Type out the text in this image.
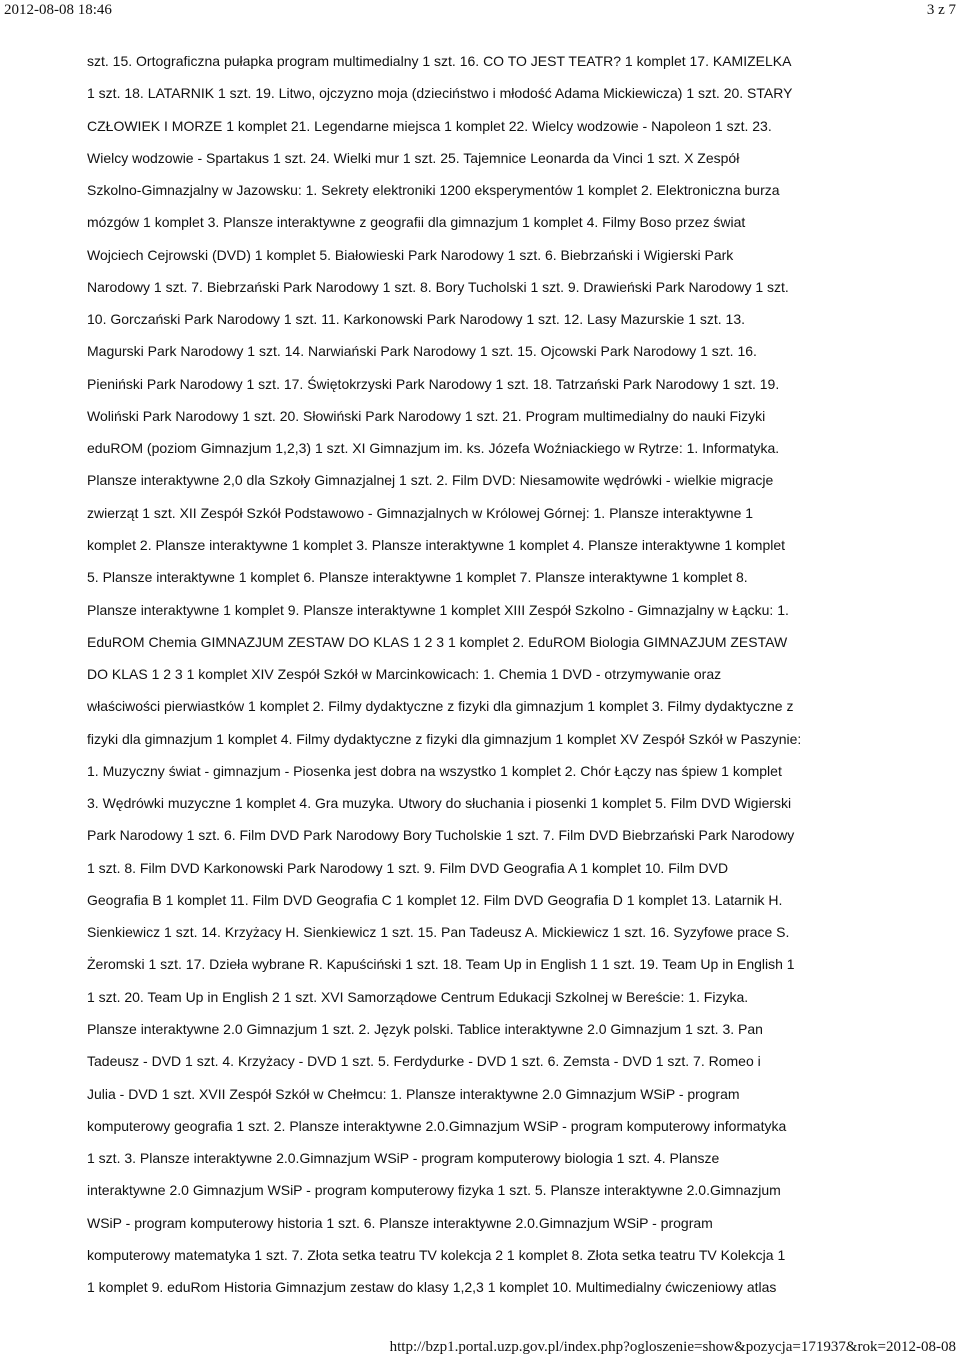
2012-08-08 18:46	3 z 7
szt. 15. Ortograficzna pułapka program multimedialny 1 szt. 16. CO TO JEST TEATR? 1 komplet 17. KAMIZELKA
1 szt. 18. LATARNIK 1 szt. 19. Litwo, ojczyzno moja (dzieciństwo i młodość Adama Mickiewicza) 1 szt. 20. STARY
CZŁOWIEK I MORZE 1 komplet 21. Legendarne miejsca 1 komplet 22. Wielcy wodzowie - Napoleon 1 szt. 23.
Wielcy wodzowie - Spartakus 1 szt. 24. Wielki mur 1 szt. 25. Tajemnice Leonarda da Vinci 1 szt. X Zespół
Szkolno-Gimnazjalny w Jazowsku: 1. Sekrety elektroniki 1200 eksperymentów 1 komplet 2. Elektroniczna burza
mózgów 1 komplet 3. Plansze interaktywne z geografii dla gimnazjum 1 komplet 4. Filmy Boso przez świat
Wojciech Cejrowski (DVD) 1 komplet 5. Białowieski Park Narodowy 1 szt. 6. Biebrzański i Wigierski Park
Narodowy 1 szt. 7. Biebrzański Park Narodowy 1 szt. 8. Bory Tucholski 1 szt. 9. Drawieński Park Narodowy 1 szt.
10. Gorczański Park Narodowy 1 szt. 11. Karkonowski Park Narodowy 1 szt. 12. Lasy Mazurskie 1 szt. 13.
Magurski Park Narodowy 1 szt. 14. Narwiański Park Narodowy 1 szt. 15. Ojcowski Park Narodowy 1 szt. 16.
Pieniński Park Narodowy 1 szt. 17. Świętokrzyski Park Narodowy 1 szt. 18. Tatrzański Park Narodowy 1 szt. 19.
Woliński Park Narodowy 1 szt. 20. Słowiński Park Narodowy 1 szt. 21. Program multimedialny do nauki Fizyki
eduROM (poziom Gimnazjum 1,2,3) 1 szt. XI Gimnazjum im. ks. Józefa Woźniackiego w Rytrze: 1. Informatyka.
Plansze interaktywne 2,0 dla Szkoły Gimnazjalnej 1 szt. 2. Film DVD: Niesamowite wędrówki - wielkie migracje
zwierząt 1 szt. XII Zespół Szkół Podstawowo - Gimnazjalnych w Królowej Górnej: 1. Plansze interaktywne 1
komplet 2. Plansze interaktywne 1 komplet 3. Plansze interaktywne 1 komplet 4. Plansze interaktywne 1 komplet
5. Plansze interaktywne 1 komplet 6. Plansze interaktywne 1 komplet 7. Plansze interaktywne 1 komplet 8.
Plansze interaktywne 1 komplet 9. Plansze interaktywne 1 komplet XIII Zespół Szkolno - Gimnazjalny w Łącku: 1.
EduROM Chemia GIMNAZJUM ZESTAW DO KLAS 1 2 3 1 komplet 2. EduROM Biologia GIMNAZJUM ZESTAW
DO KLAS 1 2 3 1 komplet XIV Zespół Szkół w Marcinkowicach: 1. Chemia 1 DVD - otrzymywanie oraz
właściwości pierwiastków 1 komplet 2. Filmy dydaktyczne z fizyki dla gimnazjum 1 komplet 3. Filmy dydaktyczne z
fizyki dla gimnazjum 1 komplet 4. Filmy dydaktyczne z fizyki dla gimnazjum 1 komplet XV Zespół Szkół w Paszynie:
1. Muzyczny świat - gimnazjum - Piosenka jest dobra na wszystko 1 komplet 2. Chór Łączy nas śpiew 1 komplet
3. Wędrówki muzyczne 1 komplet 4. Gra muzyka. Utwory do słuchania i piosenki 1 komplet 5. Film DVD Wigierski
Park Narodowy 1 szt. 6. Film DVD Park Narodowy Bory Tucholskie 1 szt. 7. Film DVD Biebrzański Park Narodowy
1 szt. 8. Film DVD Karkonowski Park Narodowy 1 szt. 9. Film DVD Geografia A 1 komplet 10. Film DVD
Geografia B 1 komplet 11. Film DVD Geografia C 1 komplet 12. Film DVD Geografia D 1 komplet 13. Latarnik H.
Sienkiewicz 1 szt. 14. Krzyżacy H. Sienkiewicz 1 szt. 15. Pan Tadeusz A. Mickiewicz 1 szt. 16. Syzyfowe prace S.
Żeromski 1 szt. 17. Dzieła wybrane R. Kapuściński 1 szt. 18. Team Up in English 1 1 szt. 19. Team Up in English 1
1 szt. 20. Team Up in English 2 1 szt. XVI Samorządowe Centrum Edukacji Szkolnej w Bereście: 1. Fizyka.
Plansze interaktywne 2.0 Gimnazjum 1 szt. 2. Język polski. Tablice interaktywne 2.0 Gimnazjum 1 szt. 3. Pan
Tadeusz - DVD 1 szt. 4. Krzyżacy - DVD 1 szt. 5. Ferdydurke - DVD 1 szt. 6. Zemsta - DVD 1 szt. 7. Romeo i
Julia - DVD 1 szt. XVII Zespół Szkół w Chełmcu: 1. Plansze interaktywne 2.0 Gimnazjum WSiP - program
komputerowy geografia 1 szt. 2. Plansze interaktywne 2.0.Gimnazjum WSiP - program komputerowy informatyka
1 szt. 3. Plansze interaktywne 2.0.Gimnazjum WSiP - program komputerowy biologia 1 szt. 4. Plansze
interaktywne 2.0 Gimnazjum WSiP - program komputerowy fizyka 1 szt. 5. Plansze interaktywne 2.0.Gimnazjum
WSiP - program komputerowy historia 1 szt. 6. Plansze interaktywne 2.0.Gimnazjum WSiP - program
komputerowy matematyka 1 szt. 7. Złota setka teatru TV kolekcja 2 1 komplet 8. Złota setka teatru TV Kolekcja 1
1 komplet 9. eduRom Historia Gimnazjum zestaw do klasy 1,2,3 1 komplet 10. Multimedialny ćwiczeniowy atlas
http://bzp1.portal.uzp.gov.pl/index.php?ogloszenie=show&pozycja=171937&rok=2012-08-08
